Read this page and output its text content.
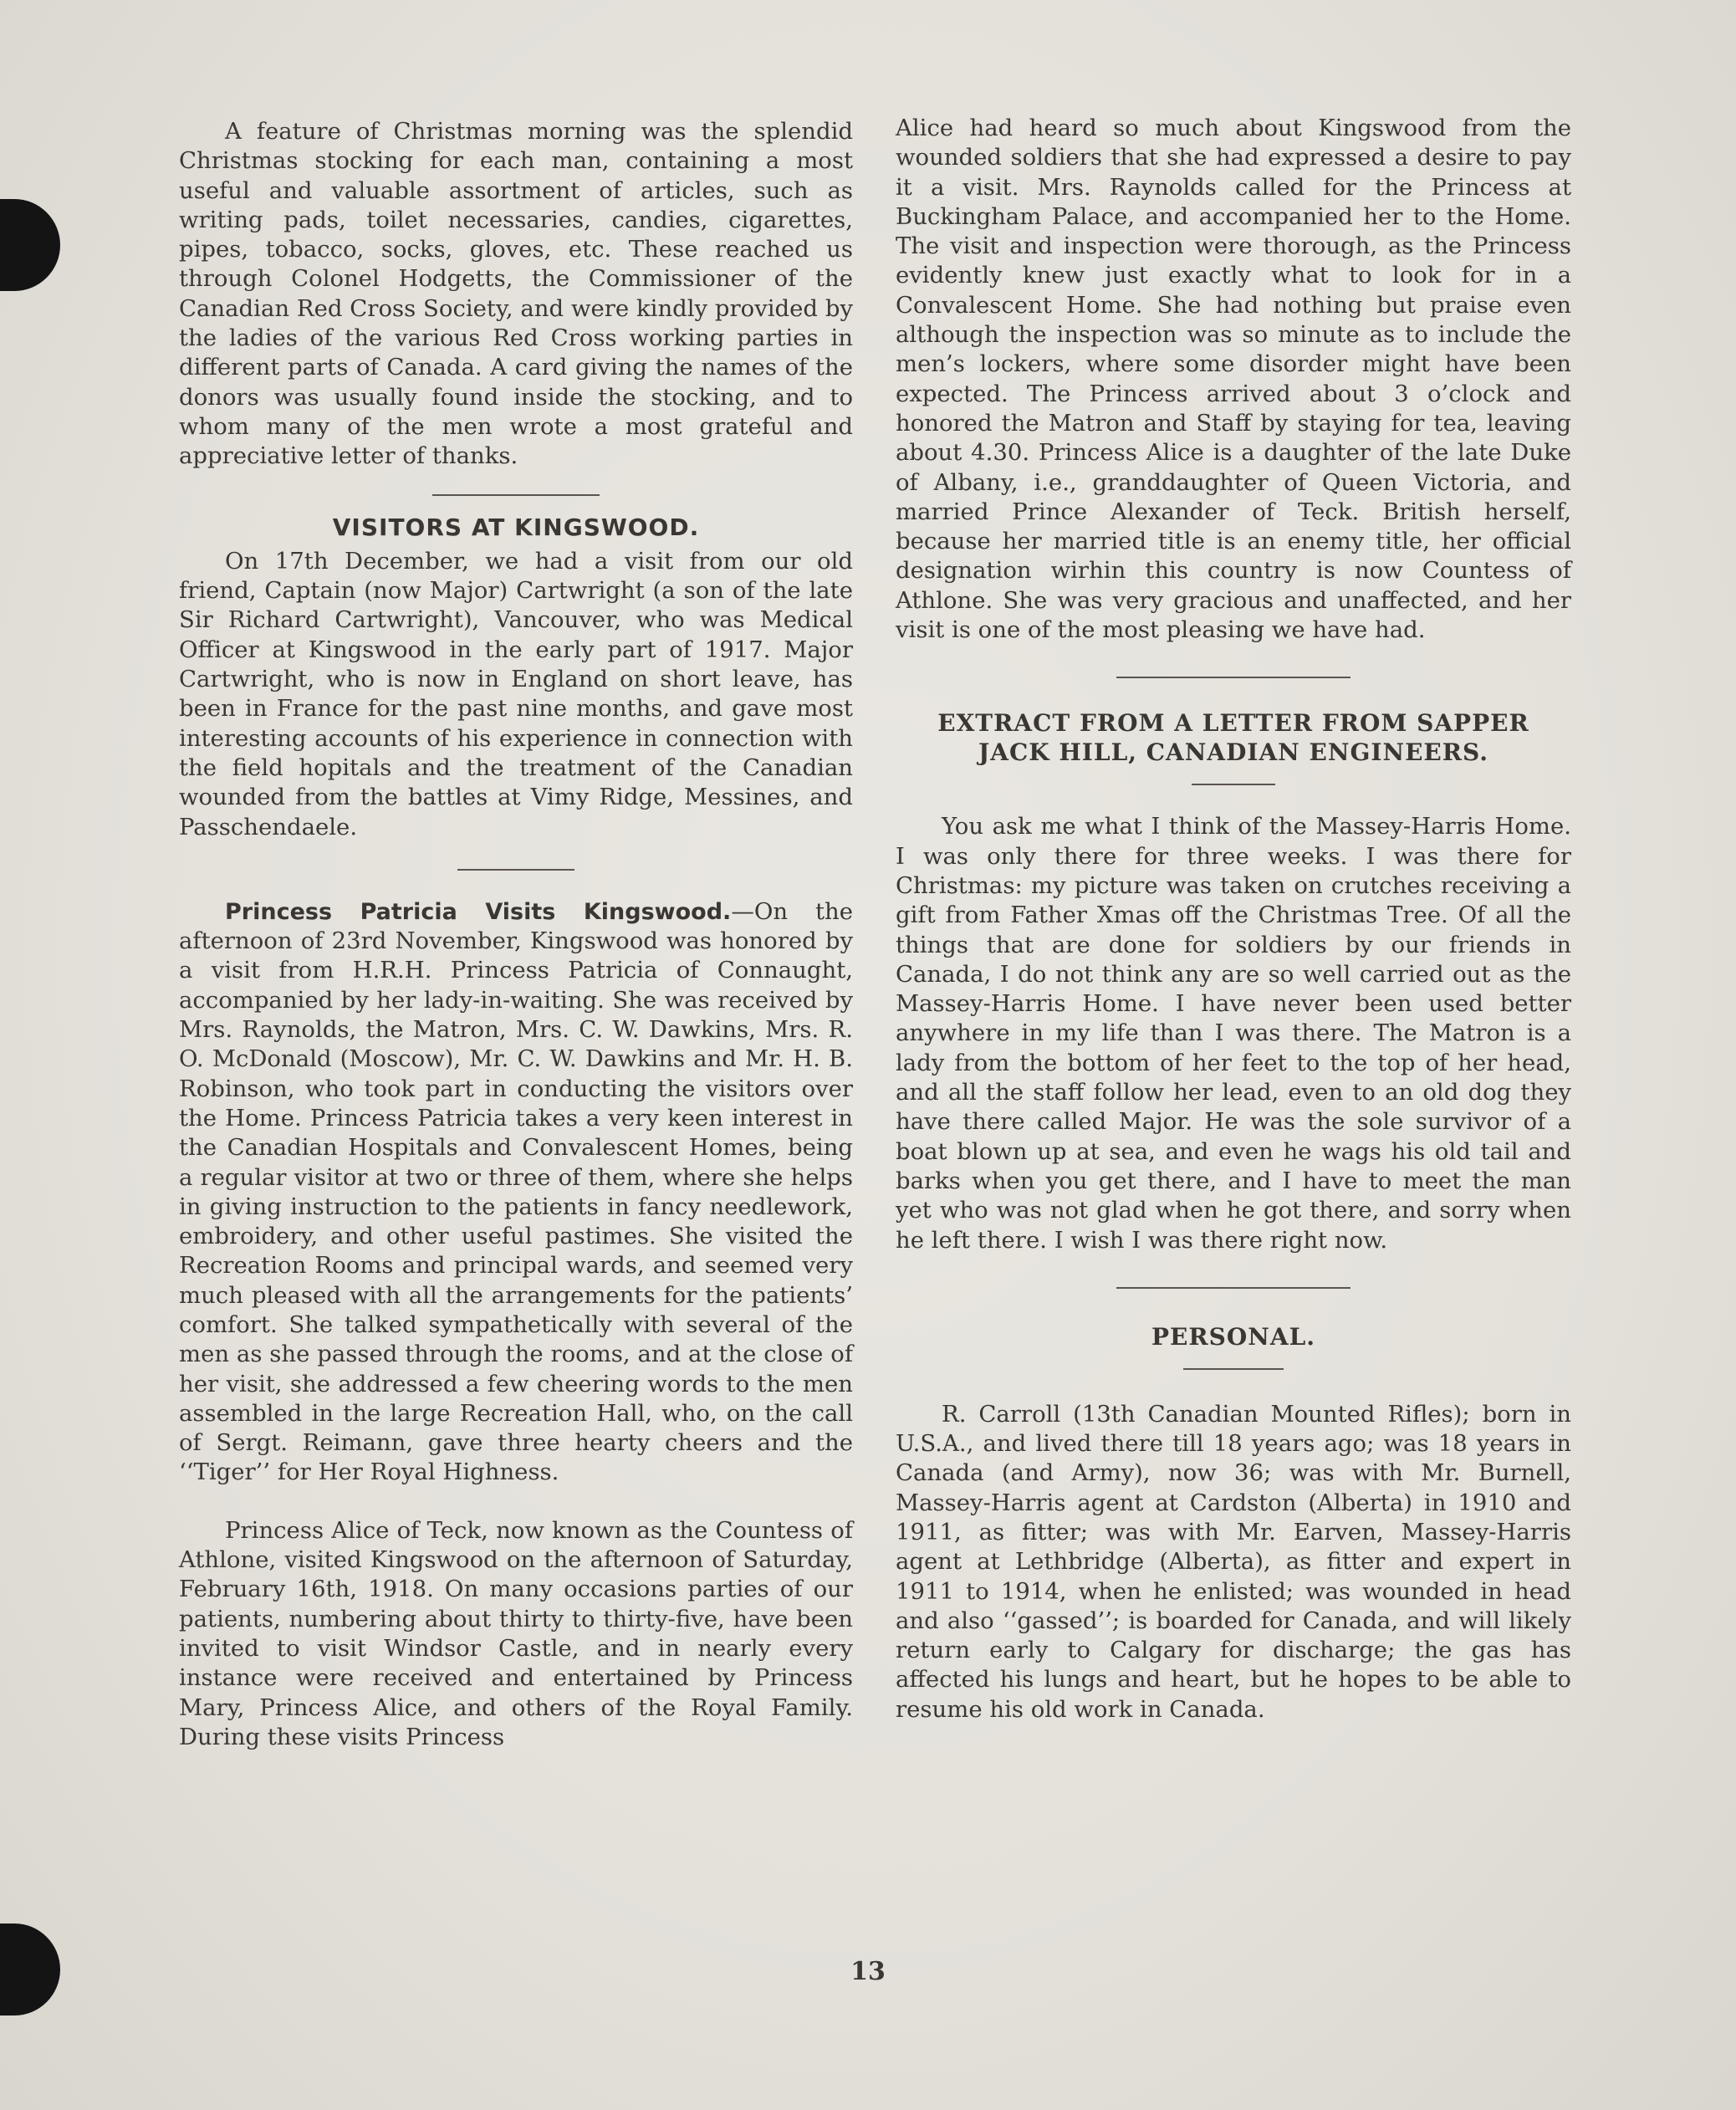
A feature of Christmas morning was the splendid Christmas stocking for each man, containing a most useful and valuable assortment of articles, such as writing pads, toilet necessaries, candies, cigarettes, pipes, tobacco, socks, gloves, etc. These reached us through Colonel Hodgetts, the Commissioner of the Canadian Red Cross Society, and were kindly provided by the ladies of the various Red Cross working parties in different parts of Canada. A card giving the names of the donors was usually found inside the stocking, and to whom many of the men wrote a most grateful and appreciative letter of thanks.

VISITORS AT KINGSWOOD.

On 17th December, we had a visit from our old friend, Captain (now Major) Cartwright (a son of the late Sir Richard Cartwright), Vancouver, who was Medical Officer at Kingswood in the early part of 1917. Major Cartwright, who is now in England on short leave, has been in France for the past nine months, and gave most interesting accounts of his experience in connection with the field hopitals and the treatment of the Canadian wounded from the battles at Vimy Ridge, Messines, and Passchendaele.

Princess Patricia Visits Kingswood.—On the afternoon of 23rd November, Kingswood was honored by a visit from H.R.H. Princess Patricia of Connaught, accompanied by her lady-in-waiting. She was received by Mrs. Raynolds, the Matron, Mrs. C. W. Dawkins, Mrs. R. O. McDonald (Moscow), Mr. C. W. Dawkins and Mr. H. B. Robinson, who took part in conducting the visitors over the Home. Princess Patricia takes a very keen interest in the Canadian Hospitals and Convalescent Homes, being a regular visitor at two or three of them, where she helps in giving instruction to the patients in fancy needlework, embroidery, and other useful pastimes. She visited the Recreation Rooms and principal wards, and seemed very much pleased with all the arrangements for the patients’ comfort. She talked sympathetically with several of the men as she passed through the rooms, and at the close of her visit, she addressed a few cheering words to the men assembled in the large Recreation Hall, who, on the call of Sergt. Reimann, gave three hearty cheers and the ‘‘Tiger’’ for Her Royal Highness.

Princess Alice of Teck, now known as the Countess of Athlone, visited Kingswood on the afternoon of Saturday, February 16th, 1918. On many occasions parties of our patients, numbering about thirty to thirty-five, have been invited to visit Windsor Castle, and in nearly every instance were received and entertained by Princess Mary, Princess Alice, and others of the Royal Family. During these visits Princess

Alice had heard so much about Kingswood from the wounded soldiers that she had expressed a desire to pay it a visit. Mrs. Raynolds called for the Princess at Buckingham Palace, and accompanied her to the Home. The visit and inspection were thorough, as the Princess evidently knew just exactly what to look for in a Convalescent Home. She had nothing but praise even although the inspection was so minute as to include the men’s lockers, where some disorder might have been expected. The Princess arrived about 3 o’clock and honored the Matron and Staff by staying for tea, leaving about 4.30. Princess Alice is a daughter of the late Duke of Albany, i.e., granddaughter of Queen Victoria, and married Prince Alexander of Teck. British herself, because her married title is an enemy title, her official designation wirhin this country is now Countess of Athlone. She was very gracious and unaffected, and her visit is one of the most pleasing we have had.

EXTRACT FROM A LETTER FROM SAPPER
JACK HILL, CANADIAN ENGINEERS.

You ask me what I think of the Massey-Harris Home. I was only there for three weeks. I was there for Christmas: my picture was taken on crutches receiving a gift from Father Xmas off the Christmas Tree. Of all the things that are done for soldiers by our friends in Canada, I do not think any are so well carried out as the Massey-Harris Home. I have never been used better anywhere in my life than I was there. The Matron is a lady from the bottom of her feet to the top of her head, and all the staff follow her lead, even to an old dog they have there called Major. He was the sole survivor of a boat blown up at sea, and even he wags his old tail and barks when you get there, and I have to meet the man yet who was not glad when he got there, and sorry when he left there. I wish I was there right now.

PERSONAL.

R. Carroll (13th Canadian Mounted Rifles); born in U.S.A., and lived there till 18 years ago; was 18 years in Canada (and Army), now 36; was with Mr. Burnell, Massey-Harris agent at Cardston (Alberta) in 1910 and 1911, as fitter; was with Mr. Earven, Massey-Harris agent at Lethbridge (Alberta), as fitter and expert in 1911 to 1914, when he enlisted; was wounded in head and also ‘‘gassed’’; is boarded for Canada, and will likely return early to Calgary for discharge; the gas has affected his lungs and heart, but he hopes to be able to resume his old work in Canada.

13
